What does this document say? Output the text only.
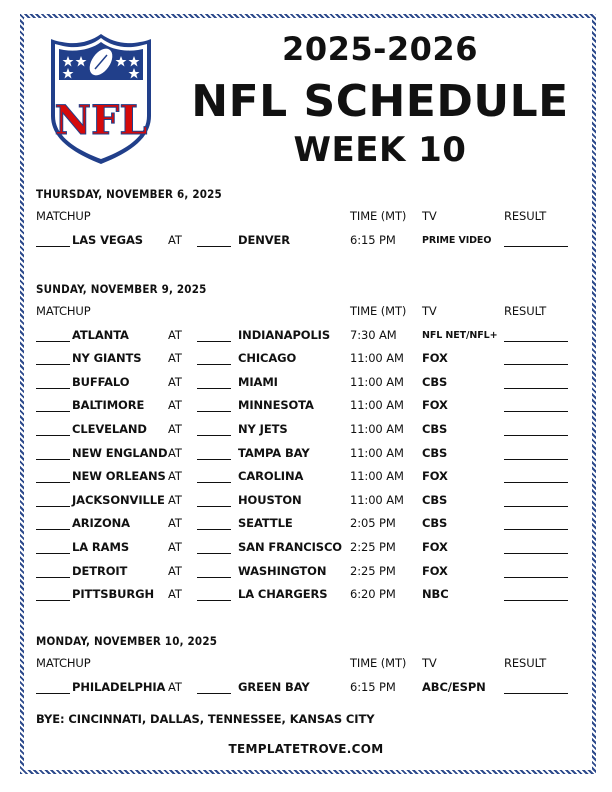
NFL
2025-2026
NFL SCHEDULE
WEEK 10
THURSDAY, NOVEMBER 6, 2025
MATCHUP	TIME (MT) TV	RESULT
LAS VEGAS AT	DENVER	6:15 PM	PRIME VIDEO
SUNDAY, NOVEMBER 9, 2025
MATCHUP	TIME (MT) TV	RESULT
ATLANTA	AT	INDIANAPOLIS 7:30 AM	NFL NET/NFL+
NY GIANTS AT	CHICAGO	11:00 AM FOX
BUFFALO	AT	MIAMI	11:00 AM CBS
BALTIMORE AT	MINNESOTA	11:00 AM FOX
CLEVELAND AT	NY JETS	11:00 AM CBS
NEW ENGLAND AT	TAMPA BAY	11:00 AM CBS
NEW ORLEANS AT	CAROLINA	11:00 AM FOX
JACKSONVILLE AT	HOUSTON	11:00 AM CBS
ARIZONA	AT	SEATTLE	2:05 PM CBS
LA RAMS	AT	SAN FRANCISCO 2:25 PM FOX
DETROIT	AT	WASHINGTON 2:25 PM FOX
PITTSBURGH AT	LA CHARGERS 6:20 PM NBC
MONDAY, NOVEMBER 10, 2025
MATCHUP	TIME (MT) TV	RESULT
PHILADELPHIA AT	GREEN BAY	6:15 PM ABC/ESPN
BYE: CINCINNATI, DALLAS, TENNESSEE, KANSAS CITY
TEMPLATETROVE.COM
